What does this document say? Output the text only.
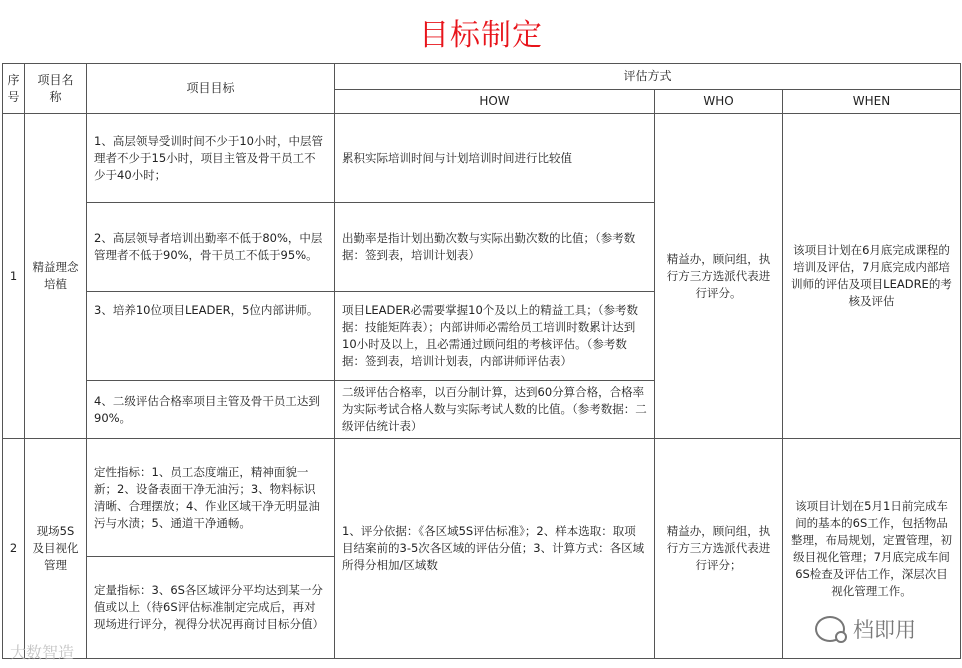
目标制定
序号	项目名称	项目目标	评估方式		
			HOW	WHO	WHEN
1	精益理念培植	1、高层领导受训时间不少于10小时，中层管理者不少于15小时，项目主管及骨干员工不少于40小时；	累积实际培训时间与计划培训时间进行比较值	精益办，顾问组，执行方三方选派代表进行评分。	该项目计划在6月底完成课程的培训及评估，7月底完成内部培训师的评估及项目LEADRE的考核及评估
		2、高层领导者培训出勤率不低于80%，中层管理者不低于90%，骨干员工不低于95%。	出勤率是指计划出勤次数与实际出勤次数的比值；（参考数据：签到表，培训计划表）		
		3、培养10位项目LEADER，5位内部讲师。	项目LEADER必需要掌握10个及以上的精益工具；（参考数据：技能矩阵表）；内部讲师必需给员工培训时数累计达到10小时及以上，且必需通过顾问组的考核评估。（参考数据：签到表，培训计划表，内部讲师评估表）		
		4、二级评估合格率项目主管及骨干员工达到90%。	二级评估合格率，以百分制计算，达到60分算合格，合格率为实际考试合格人数与实际考试人数的比值。（参考数据：二级评估统计表）		
2	现场5S及目视化管理	定性指标：1、员工态度端正，精神面貌一新；2、设备表面干净无油污；3、物料标识清晰、合理摆放；4、作业区域干净无明显油污与水渍；5、通道干净通畅。	1、评分依据：《各区域5S评估标准》；2、样本选取：取项目结案前的3-5次各区域的评估分值；3、计算方式：各区域所得分相加/区域数	精益办，顾问组，执行方三方选派代表进行评分；	该项目计划在5月1日前完成车间的基本的6S工作，包括物品整理，布局规划，定置管理，初级目视化管理；7月底完成车间6S检查及评估工作，深层次目视化管理工作。
		定量指标：3、6S各区域评分平均达到某一分值或以上（待6S评估标准制定完成后，再对现场进行评分，视得分状况再商讨目标分值）			
大数智造
档即用
